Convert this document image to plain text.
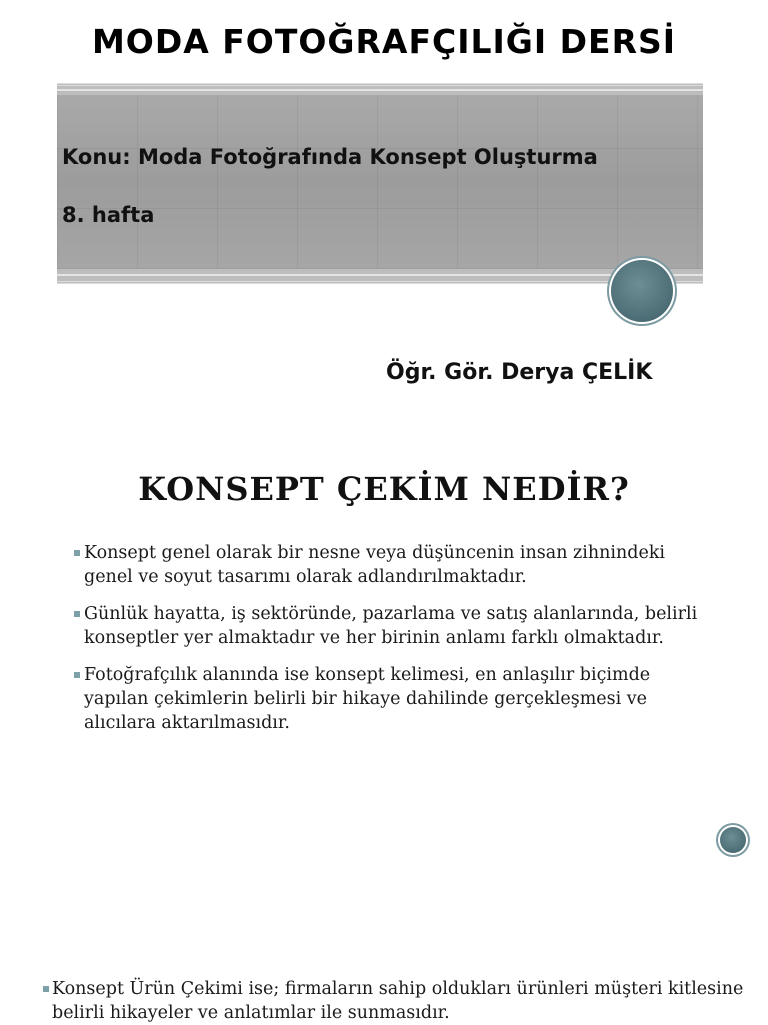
MODA FOTOĞRAFÇILIĞI DERSİ

Konu: Moda Fotoğrafında Konsept Oluşturma

8. hafta

Öğr. Gör. Derya ÇELİK

KONSEPT ÇEKİM NEDİR?
Konsept genel olarak bir nesne veya düşüncenin insan zihnindeki genel ve soyut tasarımı olarak adlandırılmaktadır.
Günlük hayatta, iş sektöründe, pazarlama ve satış alanlarında, belirli konseptler yer almaktadır ve her birinin anlamı farklı olmaktadır.
Fotoğrafçılık alanında ise konsept kelimesi, en anlaşılır biçimde yapılan çekimlerin belirli bir hikaye dahilinde gerçekleşmesi ve alıcılara aktarılmasıdır.

Konsept Ürün Çekimi ise; firmaların sahip oldukları ürünleri müşteri kitlesine belirli hikayeler ve anlatımlar ile sunmasıdır.
